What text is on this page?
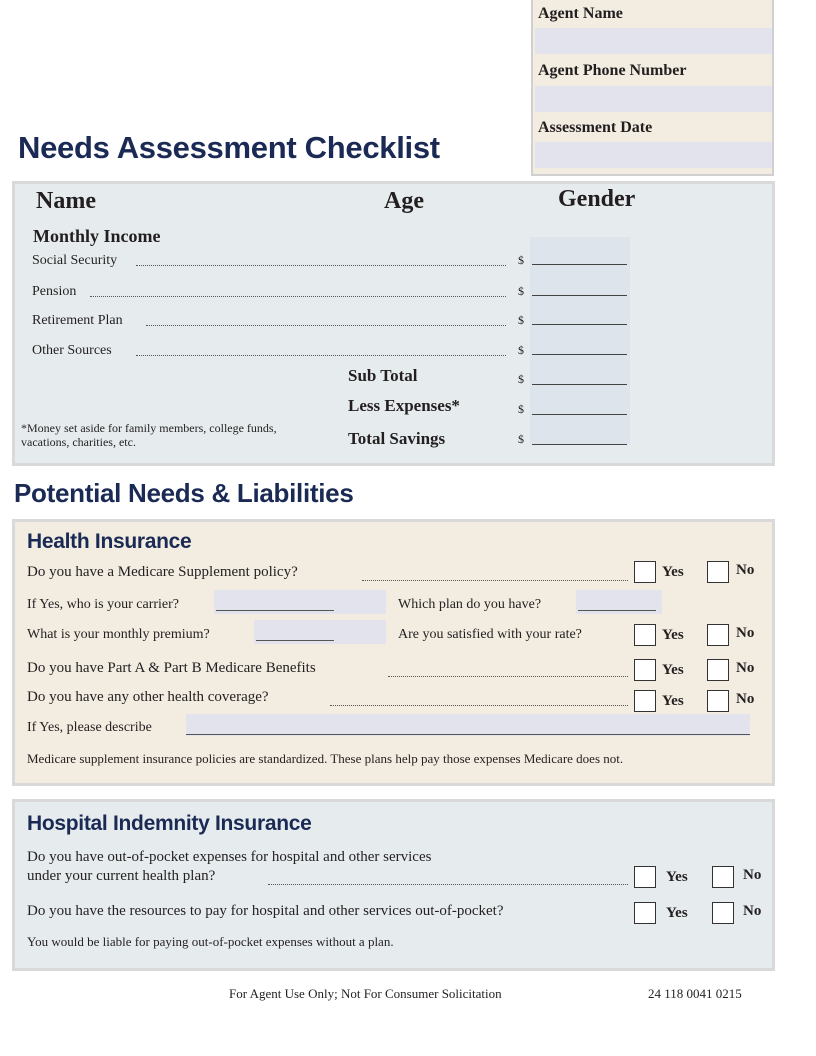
Agent Name
Agent Phone Number
Assessment Date
Needs Assessment Checklist
Name	Age	Gender
Monthly Income
Social Security	$
Pension	$
Retirement Plan	$
Other Sources	$
Sub Total	$
Less Expenses*	$
Total Savings	$
*Money set aside for family members, college funds, vacations, charities, etc.
Potential Needs & Liabilities
Health Insurance
Do you have a Medicare Supplement policy?	Yes	No
If Yes, who is your carrier?	Which plan do you have?
What is your monthly premium?	Are you satisfied with your rate?	Yes	No
Do you have Part A & Part B Medicare Benefits	Yes	No
Do you have any other health coverage?	Yes	No
If Yes, please describe
Medicare supplement insurance policies are standardized. These plans help pay those expenses Medicare does not.
Hospital Indemnity Insurance
Do you have out-of-pocket expenses for hospital and other services
under your current health plan?	Yes	No
Do you have the resources to pay for hospital and other services out-of-pocket?	Yes	No
You would be liable for paying out-of-pocket expenses without a plan.
For Agent Use Only; Not For Consumer Solicitation	24 118 0041 0215
